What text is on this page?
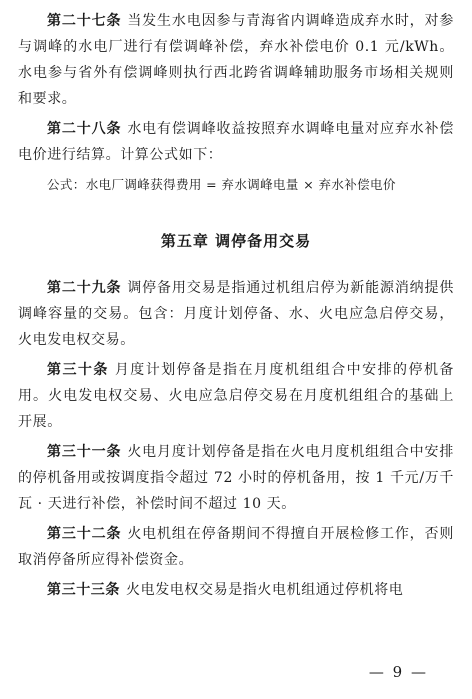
第二十七条 当发生水电因参与青海省内调峰造成弃水时，对参与调峰的水电厂进行有偿调峰补偿，弃水补偿电价 0.1 元/kWh。水电参与省外有偿调峰则执行西北跨省调峰辅助服务市场相关规则和要求。

第二十八条 水电有偿调峰收益按照弃水调峰电量对应弃水补偿电价进行结算。计算公式如下：

公式：水电厂调峰获得费用 = 弃水调峰电量 × 弃水补偿电价
第五章 调停备用交易

第二十九条 调停备用交易是指通过机组启停为新能源消纳提供调峰容量的交易。包含：月度计划停备、水、火电应急启停交易，火电发电权交易。

第三十条 月度计划停备是指在月度机组组合中安排的停机备用。火电发电权交易、火电应急启停交易在月度机组组合的基础上开展。

第三十一条 火电月度计划停备是指在火电月度机组组合中安排的停机备用或按调度指令超过 72 小时的停机备用，按 1 千元/万千瓦 · 天进行补偿，补偿时间不超过 10 天。

第三十二条 火电机组在停备期间不得擅自开展检修工作，否则取消停备所应得补偿资金。

第三十三条 火电发电权交易是指火电机组通过停机将电

— 9 —
